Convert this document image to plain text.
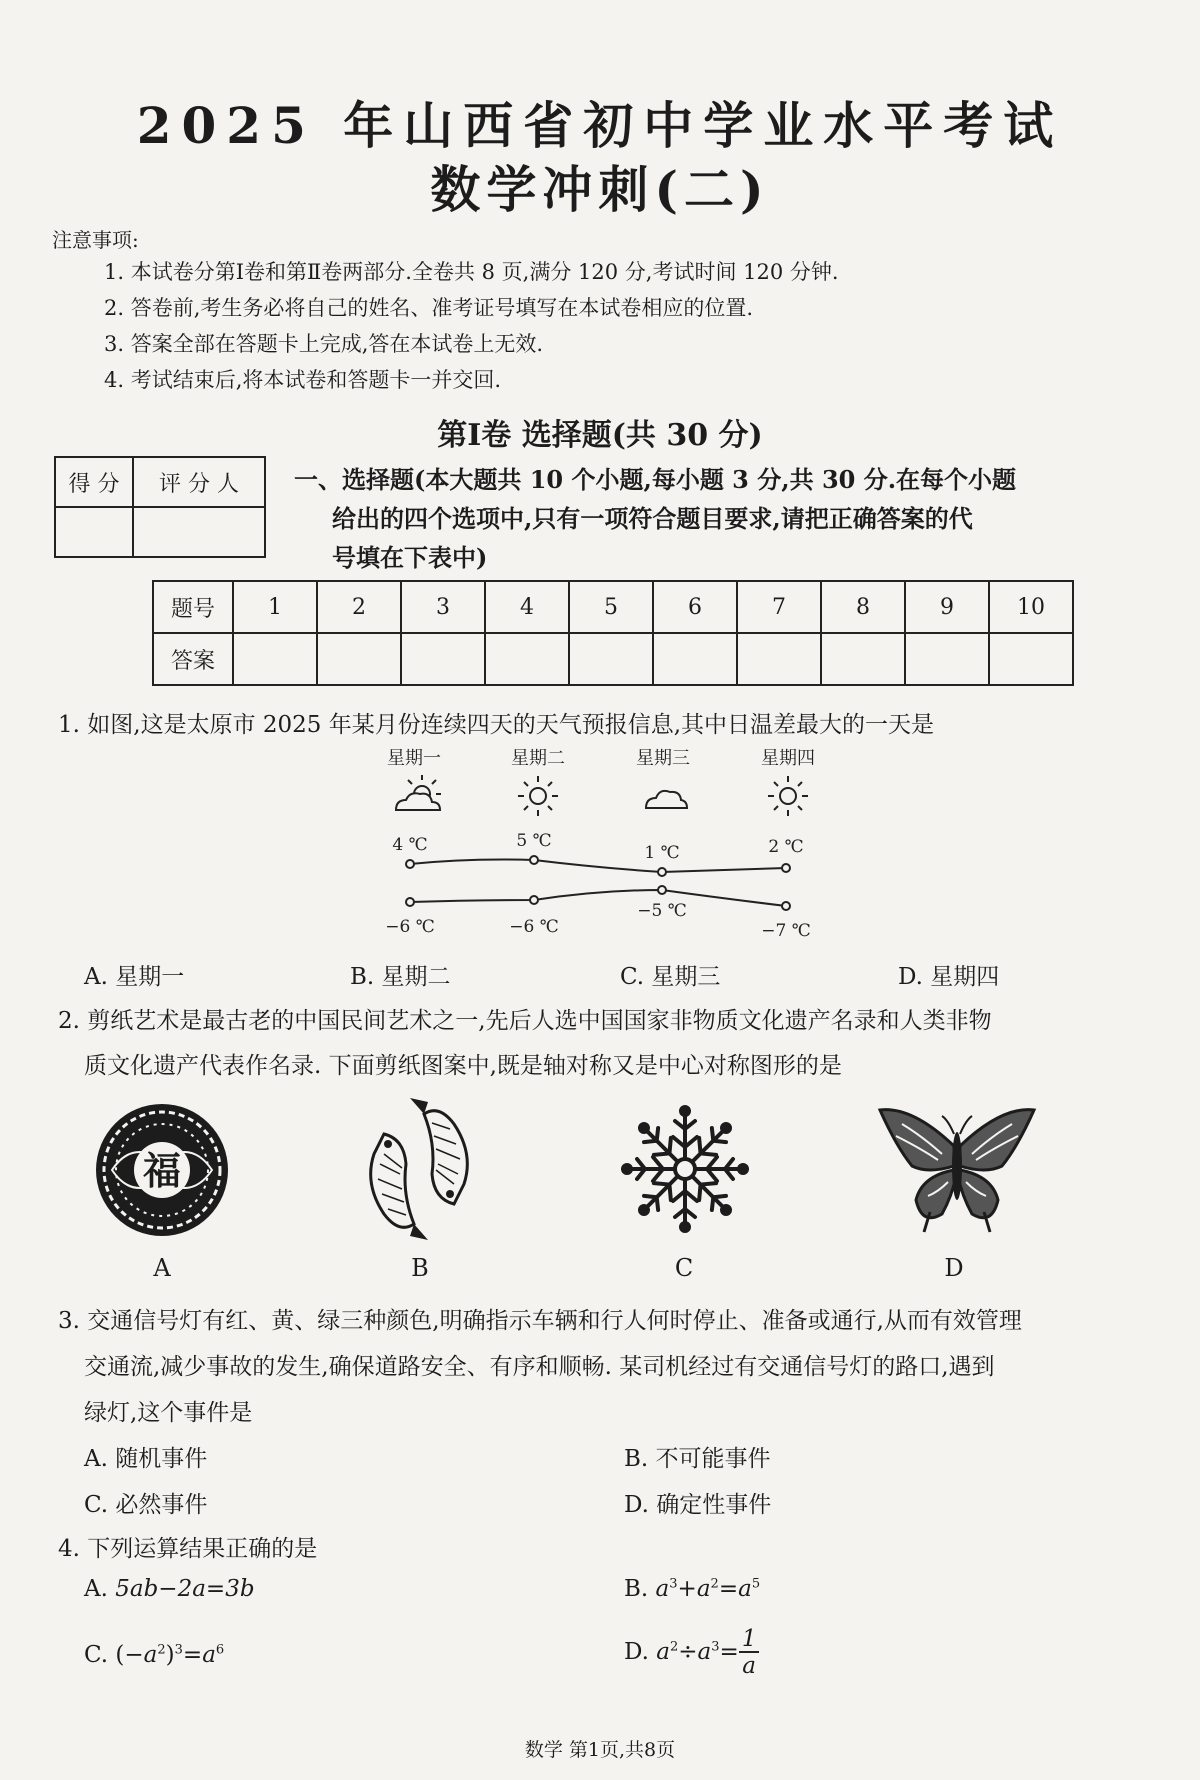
2025 年山西省初中学业水平考试
数学冲刺(二)
注意事项:
1. 本试卷分第Ⅰ卷和第Ⅱ卷两部分.全卷共 8 页,满分 120 分,考试时间 120 分钟.
2. 答卷前,考生务必将自己的姓名、准考证号填写在本试卷相应的位置.
3. 答案全部在答题卡上完成,答在本试卷上无效.
4. 考试结束后,将本试卷和答题卡一并交回.
第Ⅰ卷 选择题(共 30 分)
得 分	评 分 人
	一、选择题(本大题共 10 个小题,每小题 3 分,共 30 分.在每个小题
给出的四个选项中,只有一项符合题目要求,请把正确答案的代
号填在下表中)
题号	1	2	3	4	5	6	7	8	9	10
答案										
1. 如图,这是太原市 2025 年某月份连续四天的天气预报信息,其中日温差最大的一天是
星期一	星期二	星期三	星期四
4 ℃	5 ℃
1 ℃	2 ℃
−6 ℃	−6 ℃
−5 ℃
−7 ℃
A. 星期一	B. 星期二	C. 星期三	D. 星期四
2. 剪纸艺术是最古老的中国民间艺术之一,先后人选中国国家非物质文化遗产名录和人类非物
质文化遗产代表作名录. 下面剪纸图案中,既是轴对称又是中心对称图形的是
福
A	B	C	D
3. 交通信号灯有红、黄、绿三种颜色,明确指示车辆和行人何时停止、准备或通行,从而有效管理
交通流,减少事故的发生,确保道路安全、有序和顺畅. 某司机经过有交通信号灯的路口,遇到
绿灯,这个事件是
A. 随机事件	B. 不可能事件
C. 必然事件	D. 确定性事件
4. 下列运算结果正确的是
A. 5ab−2a=3b	B. $a^3+a^2=a^5$
C. $(-a^2)^3=a^6$	D. $a^2\div a^3= \frac{1}{a}$
数学 第1页,共8页
